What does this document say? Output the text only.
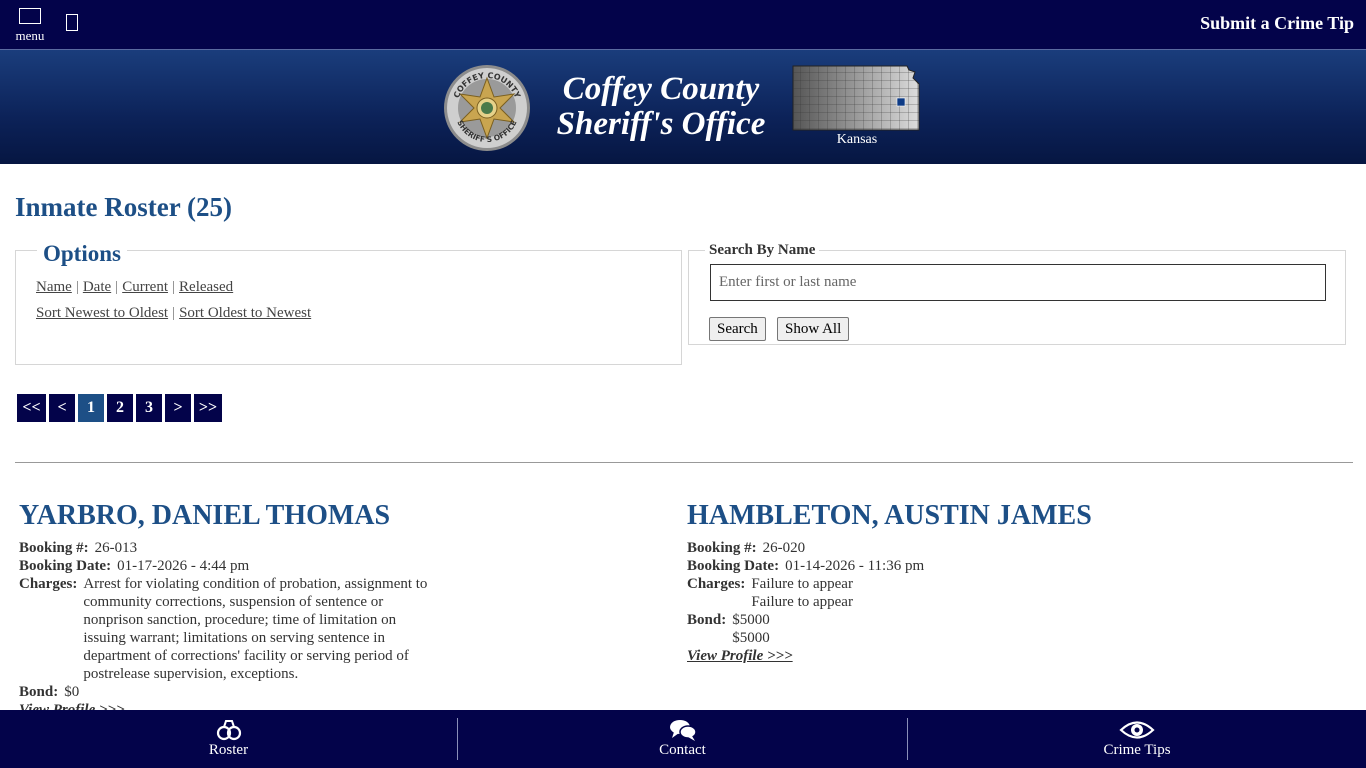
menu
Submit a Crime Tip
COFFEY COUNTY
SHERIFF'S OFFICE
Coffey County
Sheriff's Office	Kansas
Inmate Roster (25)
Options
Name | Date | Current | Released
Sort Newest to Oldest | Sort Oldest to Newest
Search By Name
Enter first or last name
Search	Show All
<<	<	1	2	3	>	>>
YARBRO, DANIEL THOMAS
Booking #: 26-013
Booking Date: 01-17-2026 - 4:44 pm
Charges: Arrest for violating condition of probation, assignment to community corrections, suspension of sentence or nonprison sanction, procedure; time of limitation on issuing warrant; limitations on serving sentence in department of corrections' facility or serving period of postrelease supervision, exceptions.
Bond: $0
HAMBLETON, AUSTIN JAMES
Booking #: 26-020
Booking Date: 01-14-2026 - 11:36 pm
Charges: Failure to appear
Failure to appear
Bond: $5000
$5000
View Profile >>>
Roster	Contact	Crime Tips
